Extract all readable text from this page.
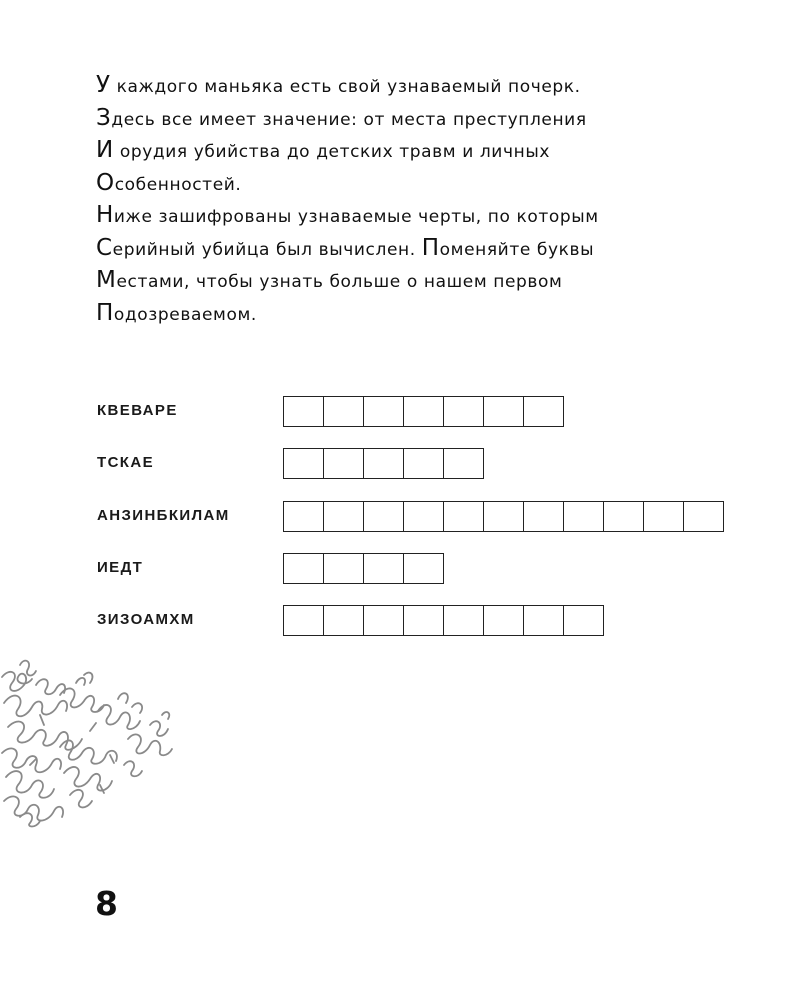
У каждого маньяка есть свой узнаваемый почерк.

Здесь все имеет значение: от места преступления

И орудия убийства до детских травм и личных

Особенностей.

Ниже зашифрованы узнаваемые черты, по которым

Серийный убийца был вычислен. Поменяйте буквы

Местами, чтобы узнать больше о нашем первом

Подозреваемом.

КВЕВАРЕ
ТСКАЕ
АНЗИНБКИЛАМ
ИЕДТ
ЗИЗОАМХМ
8
